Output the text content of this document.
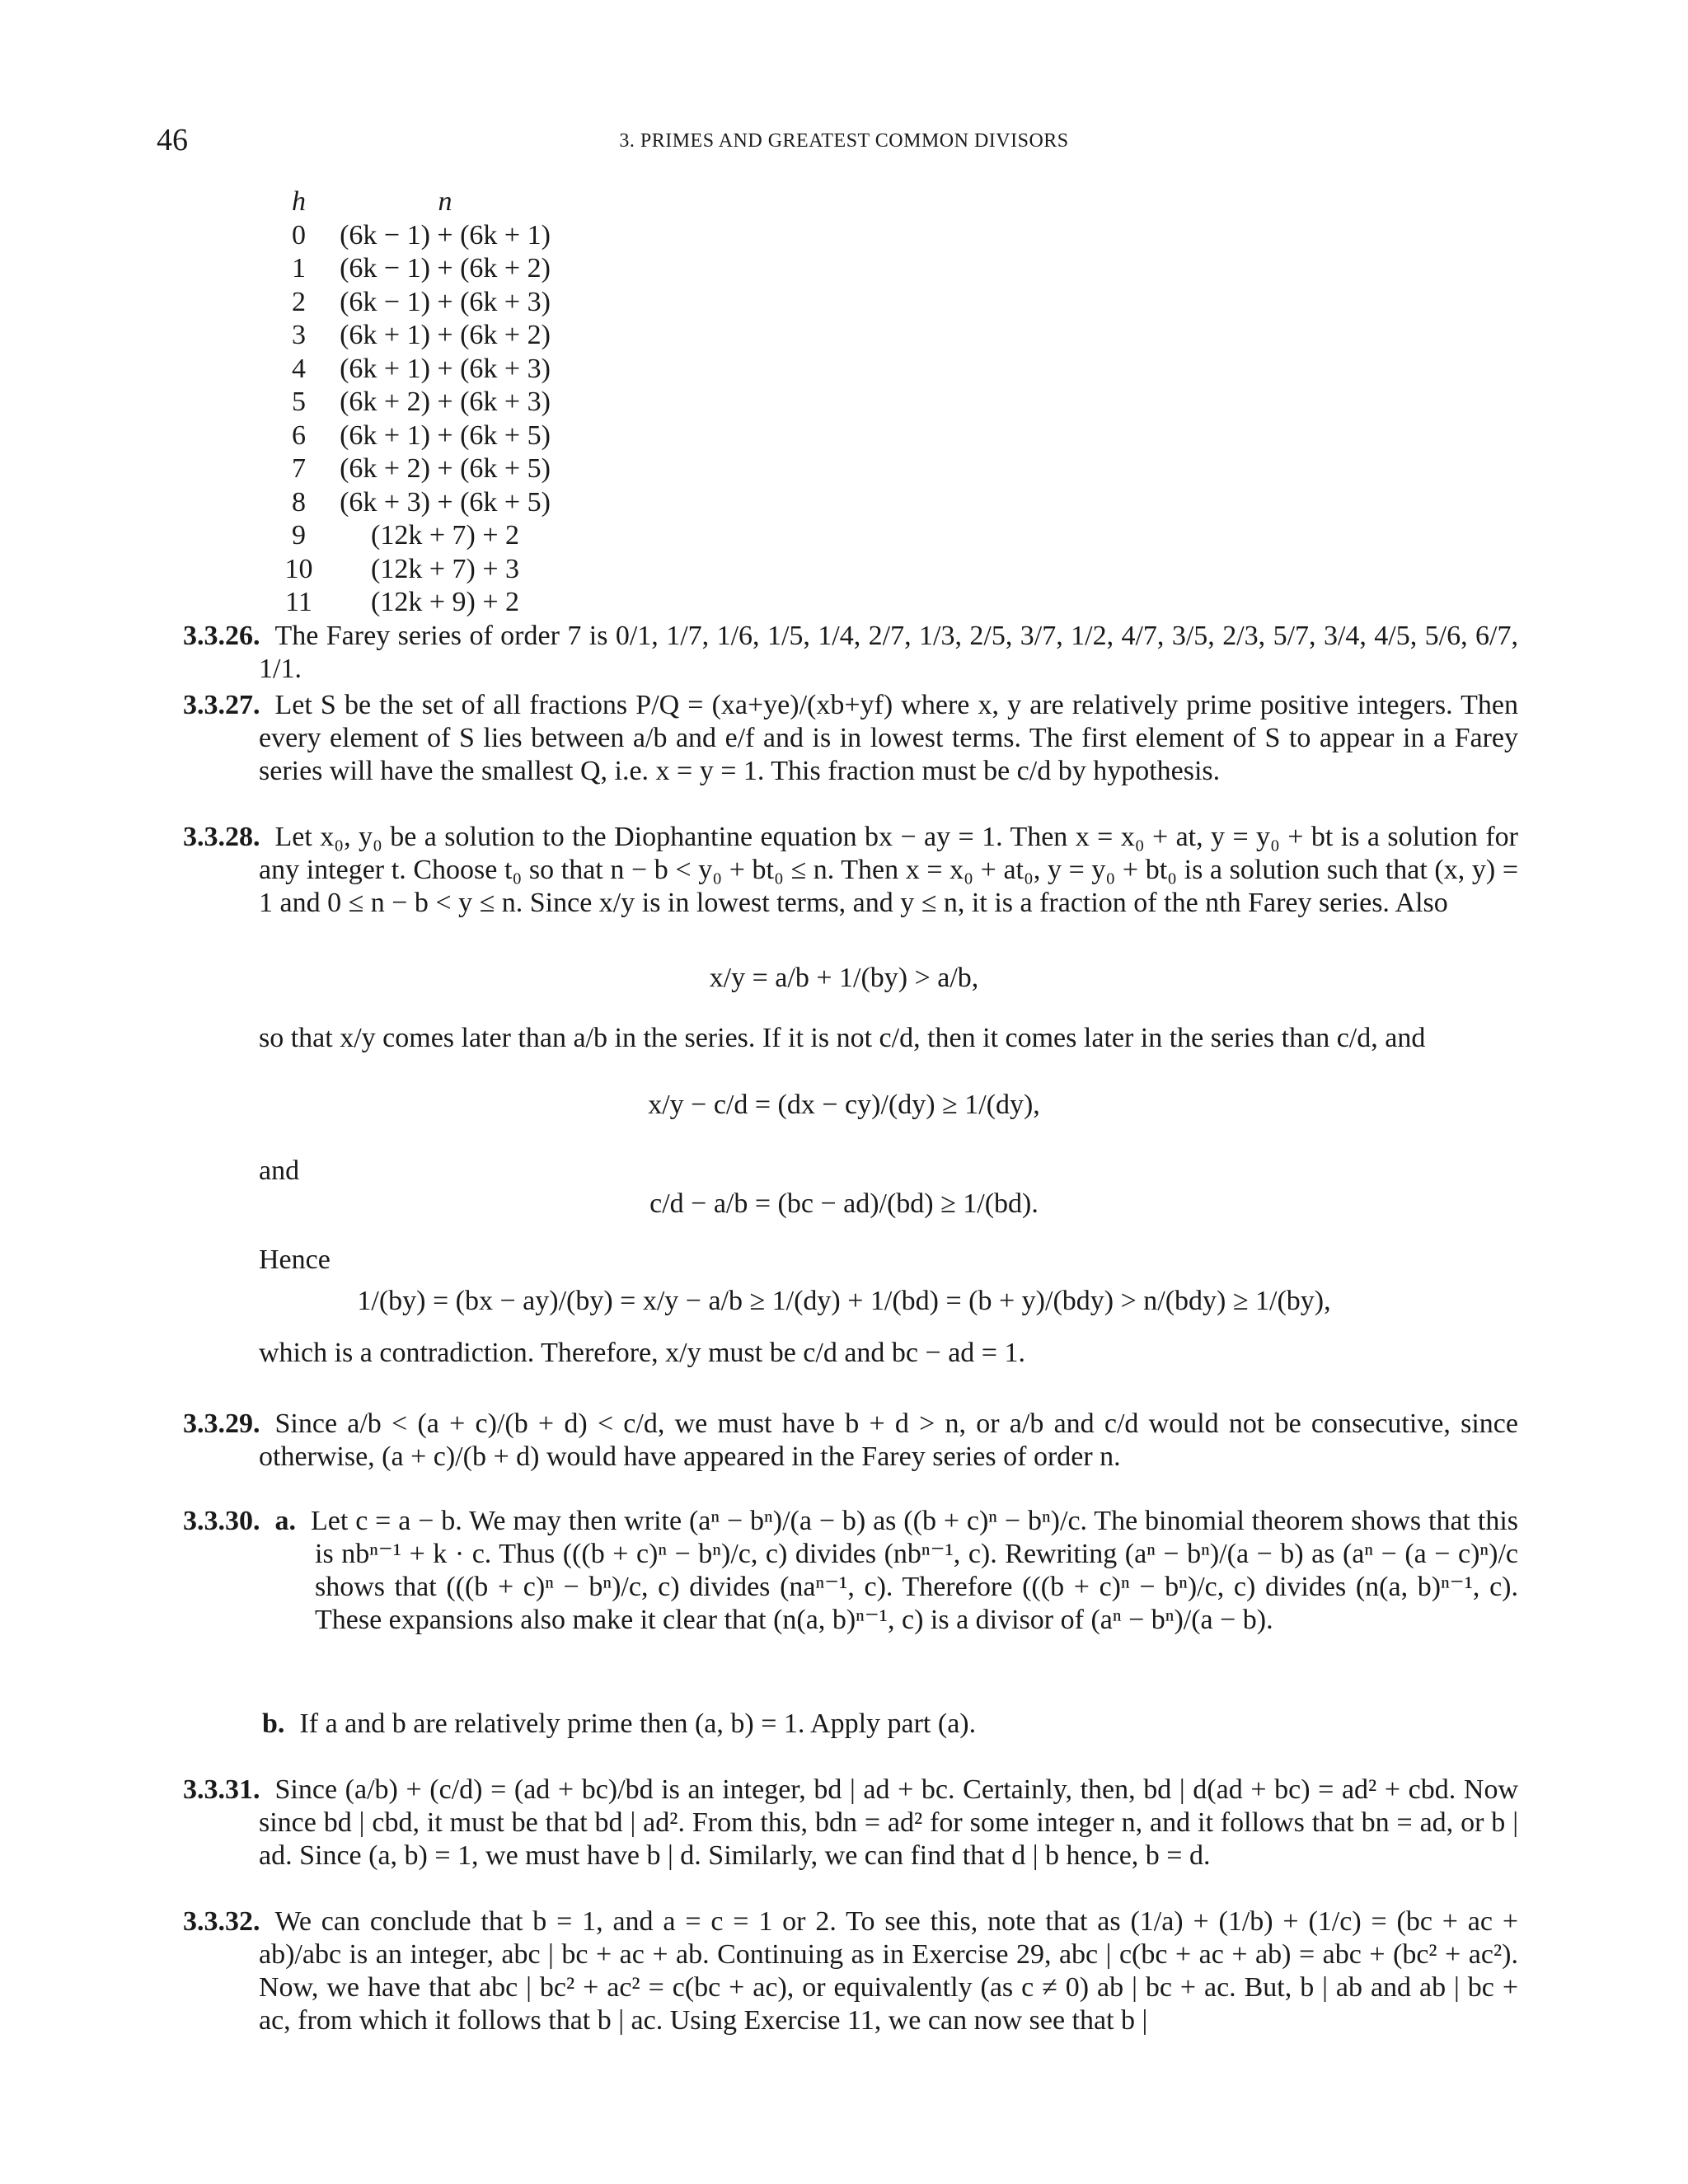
46	3. PRIMES AND GREATEST COMMON DIVISORS
h	n
0	(6k − 1) + (6k + 1)
1	(6k − 1) + (6k + 2)
2	(6k − 1) + (6k + 3)
3	(6k + 1) + (6k + 2)
4	(6k + 1) + (6k + 3)
5	(6k + 2) + (6k + 3)
6	(6k + 1) + (6k + 5)
7	(6k + 2) + (6k + 5)
8	(6k + 3) + (6k + 5)
9	(12k + 7) + 2
10	(12k + 7) + 3
11	(12k + 9) + 2
3.3.26. The Farey series of order 7 is 0/1, 1/7, 1/6, 1/5, 1/4, 2/7, 1/3, 2/5, 3/7, 1/2, 4/7, 3/5, 2/3, 5/7, 3/4, 4/5, 5/6, 6/7, 1/1.
3.3.27. Let S be the set of all fractions P/Q = (xa+ye)/(xb+yf) where x, y are relatively prime positive integers. Then every element of S lies between a/b and e/f and is in lowest terms. The first element of S to appear in a Farey series will have the smallest Q, i.e. x = y = 1. This fraction must be c/d by hypothesis.
3.3.28. Let x₀, y₀ be a solution to the Diophantine equation bx − ay = 1. Then x = x₀ + at, y = y₀ + bt is a solution for any integer t. Choose t₀ so that n − b < y₀ + bt₀ ≤ n. Then x = x₀ + at₀, y = y₀ + bt₀ is a solution such that (x, y) = 1 and 0 ≤ n − b < y ≤ n. Since x/y is in lowest terms, and y ≤ n, it is a fraction of the nth Farey series. Also
x/y = a/b + 1/(by) > a/b,
so that x/y comes later than a/b in the series. If it is not c/d, then it comes later in the series than c/d, and
x/y − c/d = (dx − cy)/(dy) ≥ 1/(dy),
and
c/d − a/b = (bc − ad)/(bd) ≥ 1/(bd).
Hence
1/(by) = (bx − ay)/(by) = x/y − a/b ≥ 1/(dy) + 1/(bd) = (b + y)/(bdy) > n/(bdy) ≥ 1/(by),
which is a contradiction. Therefore, x/y must be c/d and bc − ad = 1.
3.3.29. Since a/b < (a + c)/(b + d) < c/d, we must have b + d > n, or a/b and c/d would not be consecutive, since otherwise, (a + c)/(b + d) would have appeared in the Farey series of order n.
3.3.30. a. Let c = a − b. We may then write (aⁿ − bⁿ)/(a − b) as ((b + c)ⁿ − bⁿ)/c. The binomial theorem shows that this is nbⁿ⁻¹ + k · c. Thus (((b + c)ⁿ − bⁿ)/c, c) divides (nbⁿ⁻¹, c). Rewriting (aⁿ − bⁿ)/(a − b) as (aⁿ − (a − c)ⁿ)/c shows that (((b + c)ⁿ − bⁿ)/c, c) divides (naⁿ⁻¹, c). Therefore (((b + c)ⁿ − bⁿ)/c, c) divides (n(a, b)ⁿ⁻¹, c). These expansions also make it clear that (n(a, b)ⁿ⁻¹, c) is a divisor of (aⁿ − bⁿ)/(a − b).
b. If a and b are relatively prime then (a, b) = 1. Apply part (a).
3.3.31. Since (a/b) + (c/d) = (ad + bc)/bd is an integer, bd | ad + bc. Certainly, then, bd | d(ad + bc) = ad² + cbd. Now since bd | cbd, it must be that bd | ad². From this, bdn = ad² for some integer n, and it follows that bn = ad, or b | ad. Since (a, b) = 1, we must have b | d. Similarly, we can find that d | b hence, b = d.
3.3.32. We can conclude that b = 1, and a = c = 1 or 2. To see this, note that as (1/a) + (1/b) + (1/c) = (bc + ac + ab)/abc is an integer, abc | bc + ac + ab. Continuing as in Exercise 29, abc | c(bc + ac + ab) = abc + (bc² + ac²). Now, we have that abc | bc² + ac² = c(bc + ac), or equivalently (as c ≠ 0) ab | bc + ac. But, b | ab and ab | bc + ac, from which it follows that b | ac. Using Exercise 11, we can now see that b |
